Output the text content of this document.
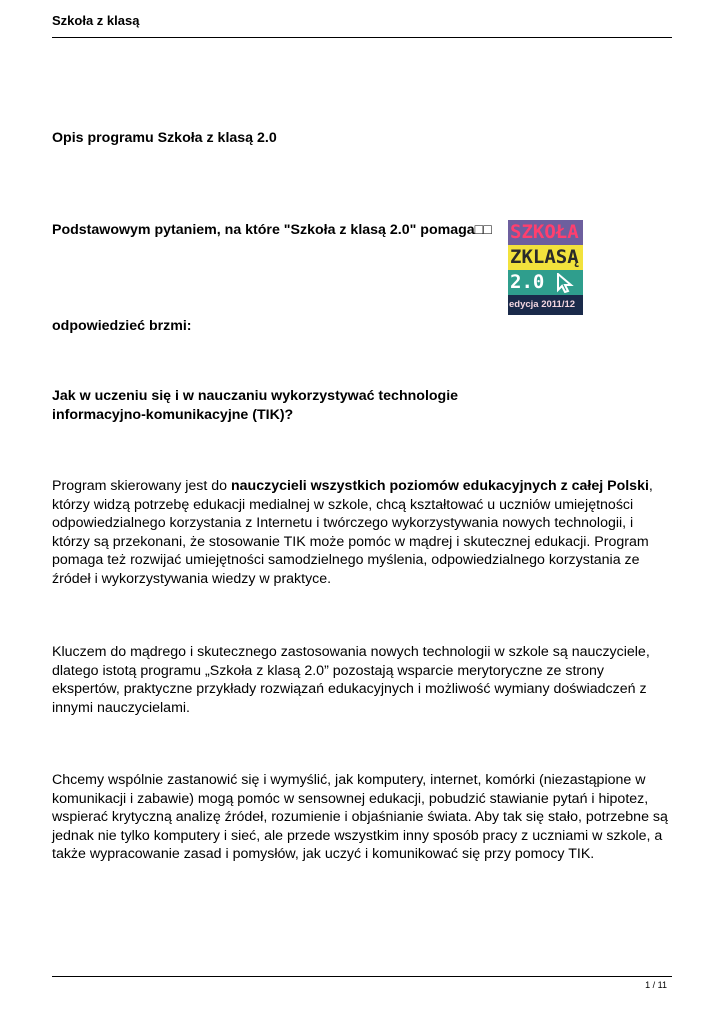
Szkoła z klasą
Opis programu Szkoła z klasą 2.0
Podstawowym pytaniem, na które "Szkoła z klasą 2.0" pomaga□□ SZKOŁA
ZKLASĄ
2.0
edycja 2011/12
odpowiedzieć brzmi:
Jak w uczeniu się i w nauczaniu wykorzystywać technologie
informacyjno-komunikacyjne (TIK)?
Program skierowany jest do nauczycieli wszystkich poziomów edukacyjnych z całej Polski, którzy widzą potrzebę edukacji medialnej w szkole, chcą kształtować u uczniów umiejętności odpowiedzialnego korzystania z Internetu i twórczego wykorzystywania nowych technologii, i którzy są przekonani, że stosowanie TIK może pomóc w mądrej i skutecznej edukacji. Program pomaga też rozwijać umiejętności samodzielnego myślenia, odpowiedzialnego korzystania ze źródeł i wykorzystywania wiedzy w praktyce.
Kluczem do mądrego i skutecznego zastosowania nowych technologii w szkole są nauczyciele, dlatego istotą programu „Szkoła z klasą 2.0” pozostają wsparcie merytoryczne ze strony ekspertów, praktyczne przykłady rozwiązań edukacyjnych i możliwość wymiany doświadczeń z innymi nauczycielami.
Chcemy wspólnie zastanowić się i wymyślić, jak komputery, internet, komórki (niezastąpione w komunikacji i zabawie) mogą pomóc w sensownej edukacji, pobudzić stawianie pytań i hipotez, wspierać krytyczną analizę źródeł, rozumienie i objaśnianie świata. Aby tak się stało, potrzebne są jednak nie tylko komputery i sieć, ale przede wszystkim inny sposób pracy z uczniami w szkole, a także wypracowanie zasad i pomysłów, jak uczyć i komunikować się przy pomocy TIK.
1 / 11
